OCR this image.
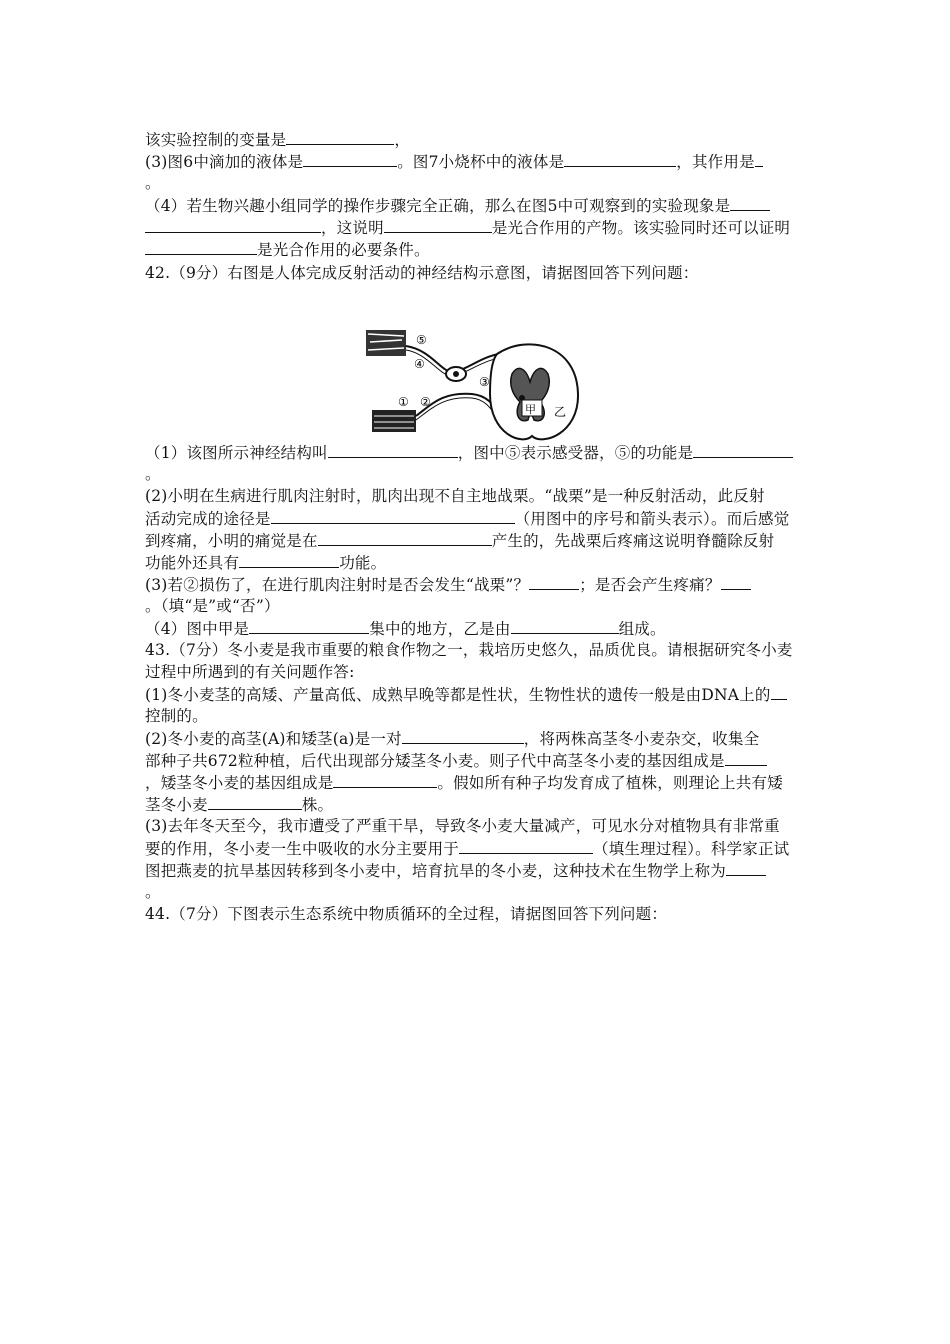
该实验控制的变量是	，
(3)图6中滴加的液体是	。图7小烧杯中的液体是	，其作用是
。
（4）若生物兴趣小组同学的操作步骤完全正确，那么在图5中可观察到的实验现象是
，这说明	是光合作用的产物。该实验同时还可以证明
是光合作用的必要条件。
42.（9分）右图是人体完成反射活动的神经结构示意图，请据图回答下列问题：
（1）该图所示神经结构叫	，图中⑤表示感受器，⑤的功能是
。
(2)小明在生病进行肌肉注射时，肌肉出现不自主地战栗。“战栗”是一种反射活动，此反射
活动完成的途径是	（用图中的序号和箭头表示）。而后感觉
到疼痛，小明的痛觉是在	产生的，先战栗后疼痛这说明脊髓除反射
功能外还具有	功能。
(3)若②损伤了，在进行肌肉注射时是否会发生“战栗”？	；是否会产生疼痛？
。（填“是”或“否”）
（4）图中甲是	集中的地方，乙是由	组成。
43.（7分）冬小麦是我市重要的粮食作物之一，栽培历史悠久，品质优良。请根据研究冬小麦
过程中所遇到的有关问题作答:
(1)冬小麦茎的高矮、产量高低、成熟早晚等都是性状，生物性状的遗传一般是由DNA上的
控制的。
(2)冬小麦的高茎(A)和矮茎(a)是一对	，将两株高茎冬小麦杂交，收集全
部种子共672粒种植，后代出现部分矮茎冬小麦。则子代中高茎冬小麦的基因组成是
，矮茎冬小麦的基因组成是	。假如所有种子均发育成了植株，则理论上共有矮
茎冬小麦	株。
(3)去年冬天至今，我市遭受了严重干旱，导致冬小麦大量减产，可见水分对植物具有非常重
要的作用，冬小麦一生中吸收的水分主要用于	（填生理过程）。科学家正试
图把燕麦的抗旱基因转移到冬小麦中，培育抗旱的冬小麦，这种技术在生物学上称为
。
44.（7分）下图表示生态系统中物质循环的全过程，请据图回答下列问题：
⑤
④
③
① ②
甲 乙
